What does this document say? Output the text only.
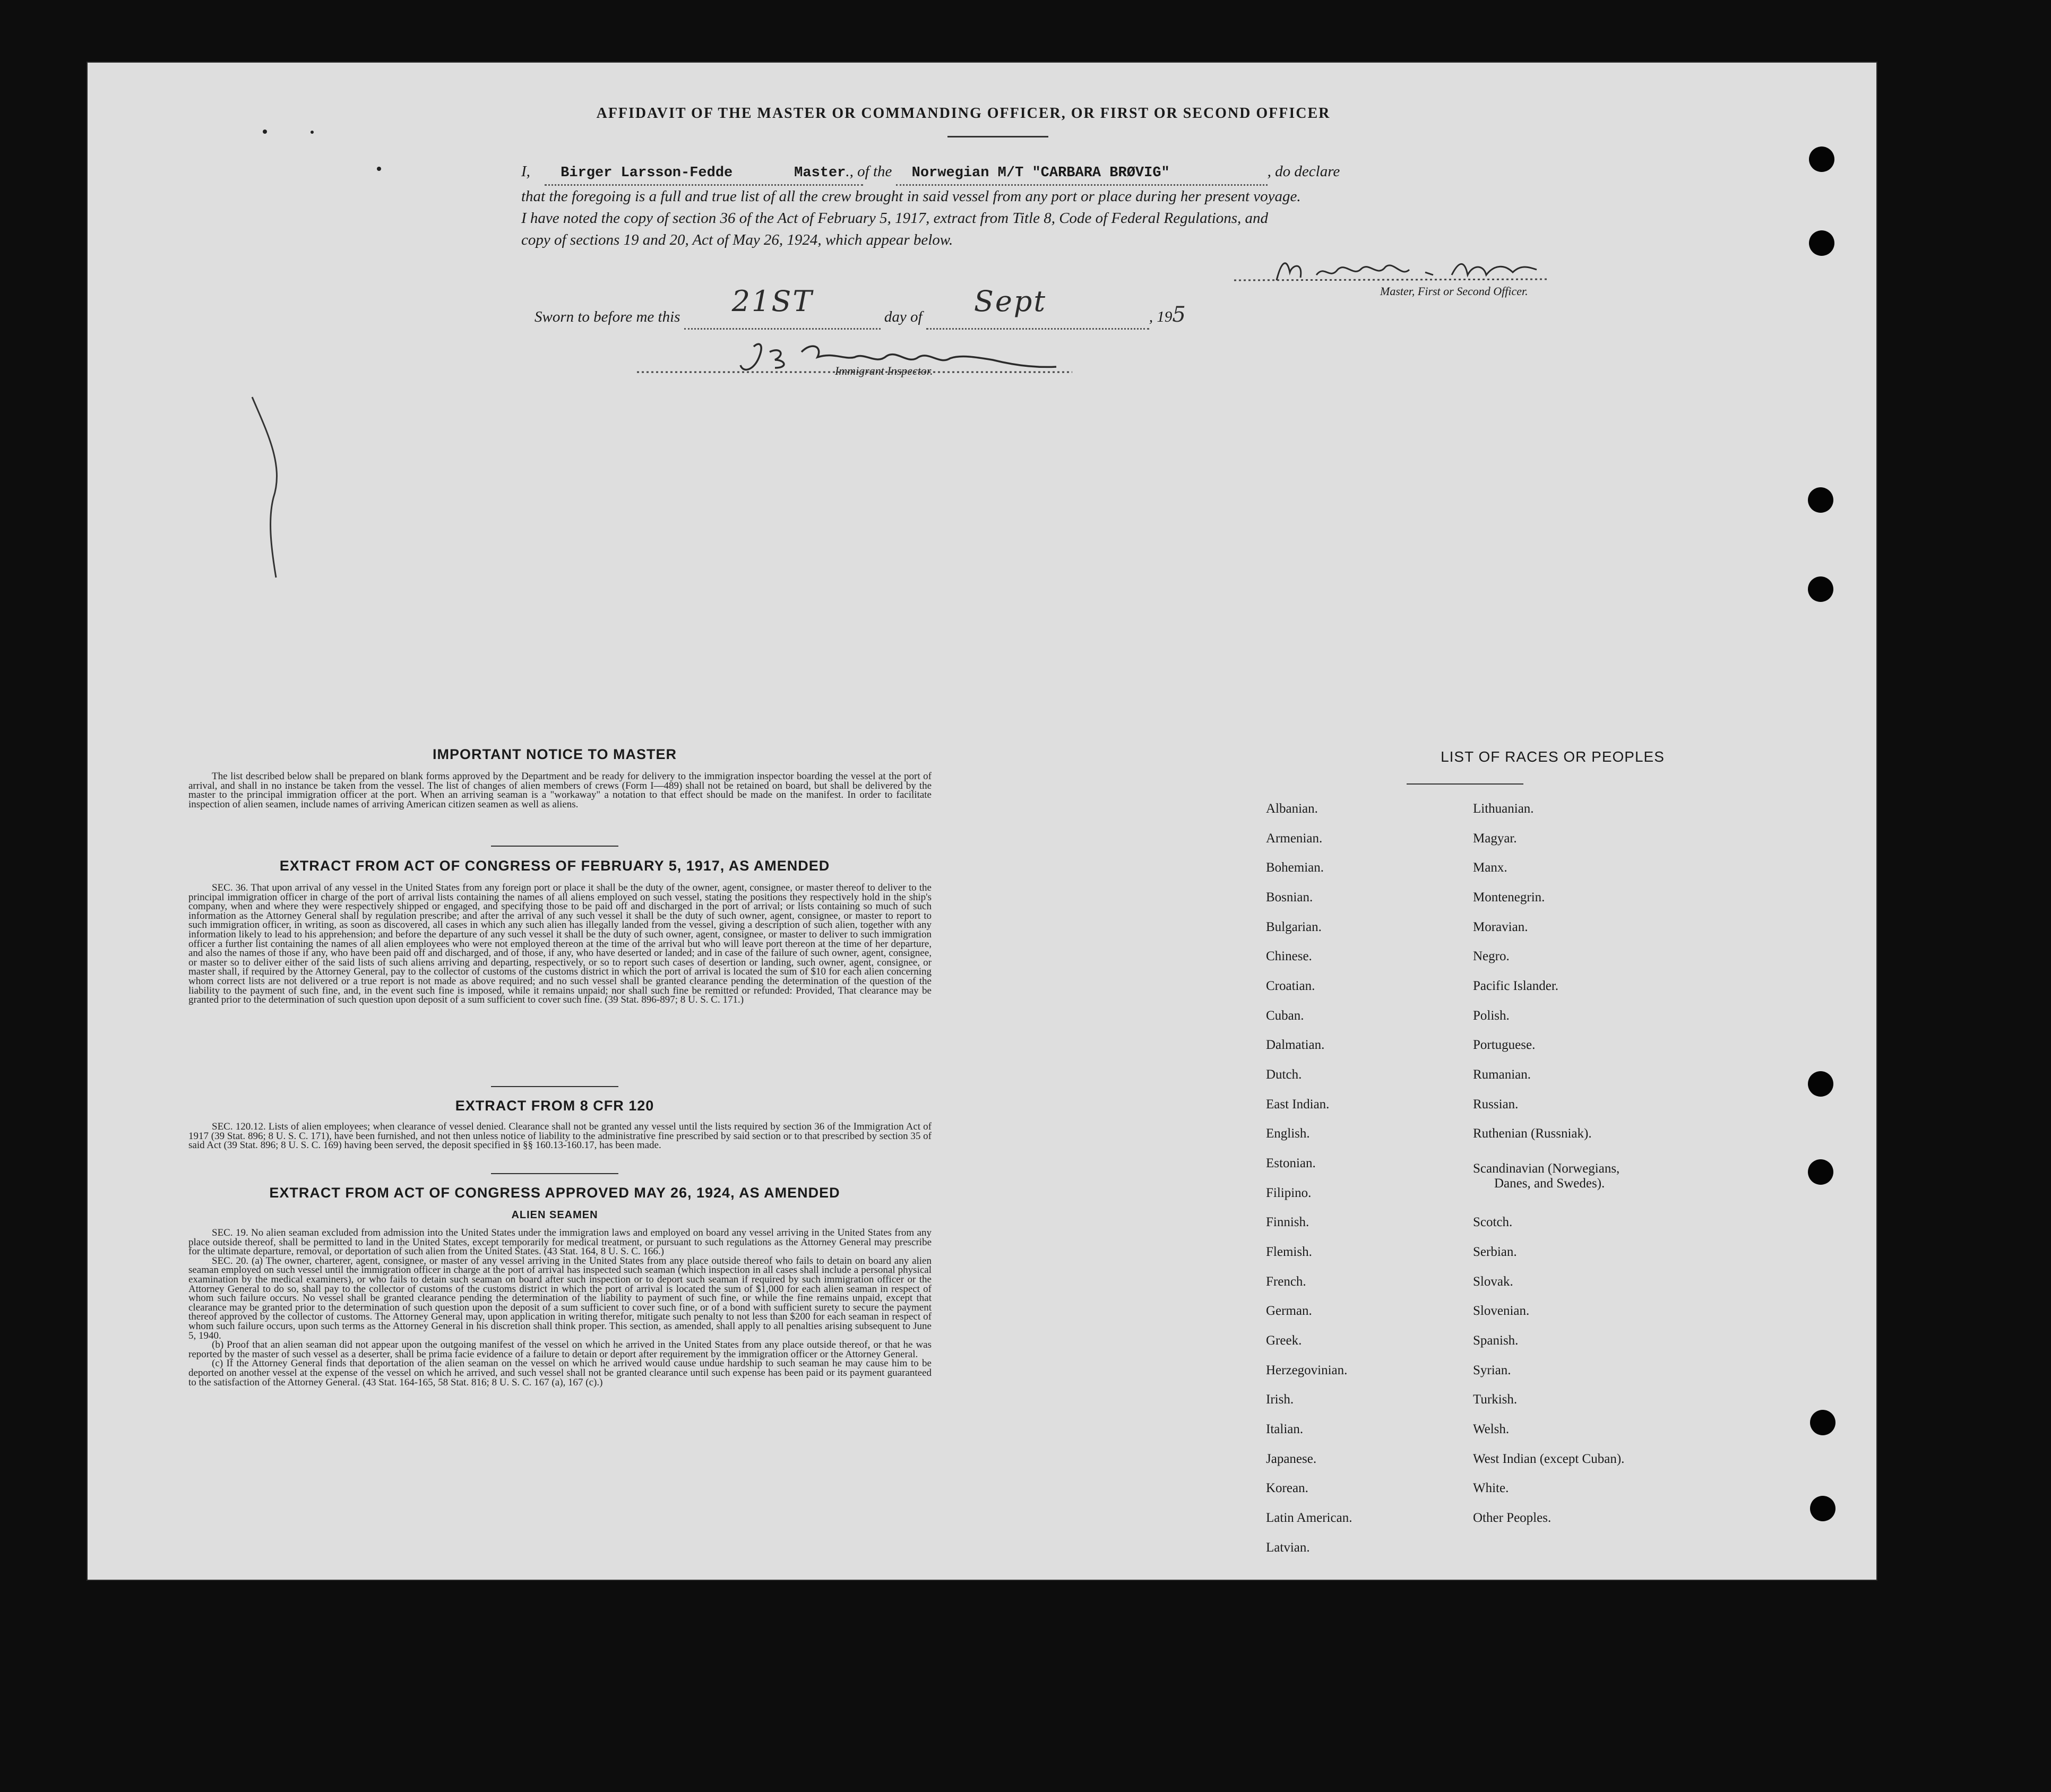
AFFIDAVIT OF THE MASTER OR COMMANDING OFFICER, OR FIRST OR SECOND OFFICER
I, Birger Larsson-Fedde	Master., of the Norwegian M/T "CARBARA BRØVIG"	, do declare
that the foregoing is a full and true list of all the crew brought in said vessel from any port or place during her present voyage.
I have noted the copy of section 36 of the Act of February 5, 1917, extract from Title 8, Code of Federal Regulations, and
copy of sections 19 and 20, Act of May 26, 1924, which appear below.
Master, First or Second Officer.
Sworn to before me this 21ST	day of Sept	, 195
Immigrant Inspector.
IMPORTANT NOTICE TO MASTER

The list described below shall be prepared on blank forms approved by the Department and be ready for delivery to the immigration inspector boarding the vessel at the port of arrival, and shall in no instance be taken from the vessel. The list of changes of alien members of crews (Form I—489) shall not be retained on board, but shall be delivered by the master to the principal immigration officer at the port. When an arriving seaman is a "workaway" a notation to that effect should be made on the manifest. In order to facilitate inspection of alien seamen, include names of arriving American citizen seamen as well as aliens.

EXTRACT FROM ACT OF CONGRESS OF FEBRUARY 5, 1917, AS AMENDED

SEC. 36. That upon arrival of any vessel in the United States from any foreign port or place it shall be the duty of the owner, agent, consignee, or master thereof to deliver to the principal immigration officer in charge of the port of arrival lists containing the names of all aliens employed on such vessel, stating the positions they respectively hold in the ship's company, when and where they were respectively shipped or engaged, and specifying those to be paid off and discharged in the port of arrival; or lists containing so much of such information as the Attorney General shall by regulation prescribe; and after the arrival of any such vessel it shall be the duty of such owner, agent, consignee, or master to report to such immigration officer, in writing, as soon as discovered, all cases in which any such alien has illegally landed from the vessel, giving a description of such alien, together with any information likely to lead to his apprehension; and before the departure of any such vessel it shall be the duty of such owner, agent, consignee, or master to deliver to such immigration officer a further list containing the names of all alien employees who were not employed thereon at the time of the arrival but who will leave port thereon at the time of her departure, and also the names of those if any, who have been paid off and discharged, and of those, if any, who have deserted or landed; and in case of the failure of such owner, agent, consignee, or master so to deliver either of the said lists of such aliens arriving and departing, respectively, or so to report such cases of desertion or landing, such owner, agent, consignee, or master shall, if required by the Attorney General, pay to the collector of customs of the customs district in which the port of arrival is located the sum of $10 for each alien concerning whom correct lists are not delivered or a true report is not made as above required; and no such vessel shall be granted clearance pending the determination of the question of the liability to the payment of such fine, and, in the event such fine is imposed, while it remains unpaid; nor shall such fine be remitted or refunded: Provided, That clearance may be granted prior to the determination of such question upon deposit of a sum sufficient to cover such fine. (39 Stat. 896-897; 8 U. S. C. 171.)

EXTRACT FROM 8 CFR 120

SEC. 120.12. Lists of alien employees; when clearance of vessel denied. Clearance shall not be granted any vessel until the lists required by section 36 of the Immigration Act of 1917 (39 Stat. 896; 8 U. S. C. 171), have been furnished, and not then unless notice of liability to the administrative fine prescribed by said section or to that prescribed by section 35 of said Act (39 Stat. 896; 8 U. S. C. 169) having been served, the deposit specified in §§ 160.13-160.17, has been made.

EXTRACT FROM ACT OF CONGRESS APPROVED MAY 26, 1924, AS AMENDED
ALIEN SEAMEN

SEC. 19. No alien seaman excluded from admission into the United States under the immigration laws and employed on board any vessel arriving in the United States from any place outside thereof, shall be permitted to land in the United States, except temporarily for medical treatment, or pursuant to such regulations as the Attorney General may prescribe for the ultimate departure, removal, or deportation of such alien from the United States. (43 Stat. 164, 8 U. S. C. 166.)

SEC. 20. (a) The owner, charterer, agent, consignee, or master of any vessel arriving in the United States from any place outside thereof who fails to detain on board any alien seaman employed on such vessel until the immigration officer in charge at the port of arrival has inspected such seaman (which inspection in all cases shall include a personal physical examination by the medical examiners), or who fails to detain such seaman on board after such inspection or to deport such seaman if required by such immigration officer or the Attorney General to do so, shall pay to the collector of customs of the customs district in which the port of arrival is located the sum of $1,000 for each alien seaman in respect of whom such failure occurs. No vessel shall be granted clearance pending the determination of the liability to payment of such fine, or while the fine remains unpaid, except that clearance may be granted prior to the determination of such question upon the deposit of a sum sufficient to cover such fine, or of a bond with sufficient surety to secure the payment thereof approved by the collector of customs. The Attorney General may, upon application in writing therefor, mitigate such penalty to not less than $200 for each seaman in respect of whom such failure occurs, upon such terms as the Attorney General in his discretion shall think proper. This section, as amended, shall apply to all penalties arising subsequent to June 5, 1940.

(b) Proof that an alien seaman did not appear upon the outgoing manifest of the vessel on which he arrived in the United States from any place outside thereof, or that he was reported by the master of such vessel as a deserter, shall be prima facie evidence of a failure to detain or deport after requirement by the immigration officer or the Attorney General.

(c) If the Attorney General finds that deportation of the alien seaman on the vessel on which he arrived would cause undue hardship to such seaman he may cause him to be deported on another vessel at the expense of the vessel on which he arrived, and such vessel shall not be granted clearance until such expense has been paid or its payment guaranteed to the satisfaction of the Attorney General. (43 Stat. 164-165, 58 Stat. 816; 8 U. S. C. 167 (a), 167 (c).)

LIST OF RACES OR PEOPLES
Albanian.
Armenian.
Bohemian.
Bosnian.
Bulgarian.
Chinese.
Croatian.
Cuban.
Dalmatian.
Dutch.
East Indian.
English.
Estonian.
Filipino.
Finnish.
Flemish.
French.
German.
Greek.
Herzegovinian.
Irish.
Italian.
Japanese.
Korean.
Latin American.
Latvian.
Lithuanian.
Magyar.
Manx.
Montenegrin.
Moravian.
Negro.
Pacific Islander.
Polish.
Portuguese.
Rumanian.
Russian.
Ruthenian (Russniak).
Scandinavian (Norwegians,
Danes, and Swedes).
Scotch.
Serbian.
Slovak.
Slovenian.
Spanish.
Syrian.
Turkish.
Welsh.
West Indian (except Cuban).
White.
Other Peoples.
